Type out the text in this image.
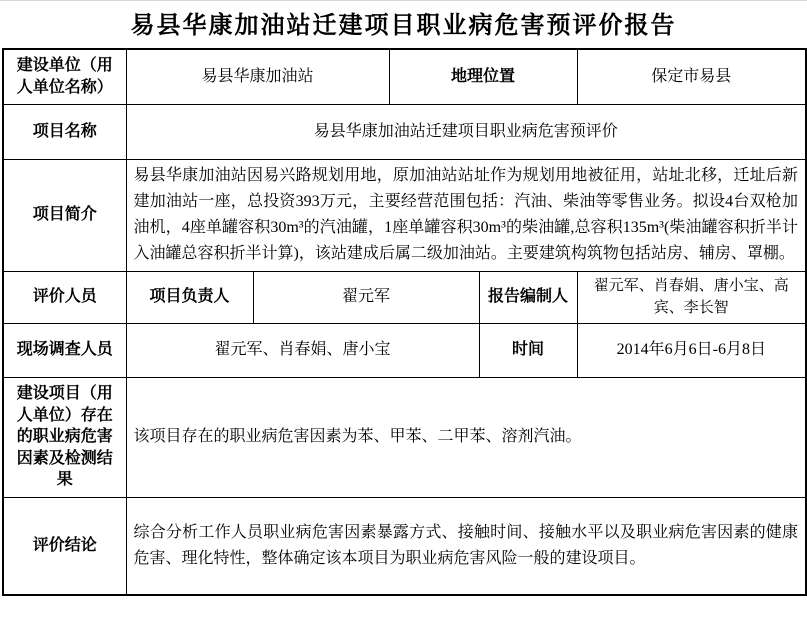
易县华康加油站迁建项目职业病危害预评价报告
建设单位（用人单位名称）	易县华康加油站		地理位置		保定市易县
项目名称	易县华康加油站迁建项目职业病危害预评价				
项目简介	易县华康加油站因易兴路规划用地，原加油站站址作为规划用地被征用，站址北移，迁址后新建加油站一座，总投资393万元，主要经营范围包括：汽油、柴油等零售业务。拟设4台双枪加油机，4座单罐容积30m³的汽油罐，1座单罐容积30m³的柴油罐,总容积135m³(柴油罐容积折半计入油罐总容积折半计算)，该站建成后属二级加油站。主要建筑构筑物包括站房、辅房、罩棚。				
评价人员	项目负责人	翟元军		报告编制人	翟元军、肖春娟、唐小宝、高宾、李长智
现场调查人员	翟元军、肖春娟、唐小宝			时间	2014年6月6日-6月8日
建设项目（用人单位）存在的职业病危害因素及检测结果	该项目存在的职业病危害因素为苯、甲苯、二甲苯、溶剂汽油。				
评价结论	综合分析工作人员职业病危害因素暴露方式、接触时间、接触水平以及职业病危害因素的健康危害、理化特性，整体确定该本项目为职业病危害风险一般的建设项目。				
